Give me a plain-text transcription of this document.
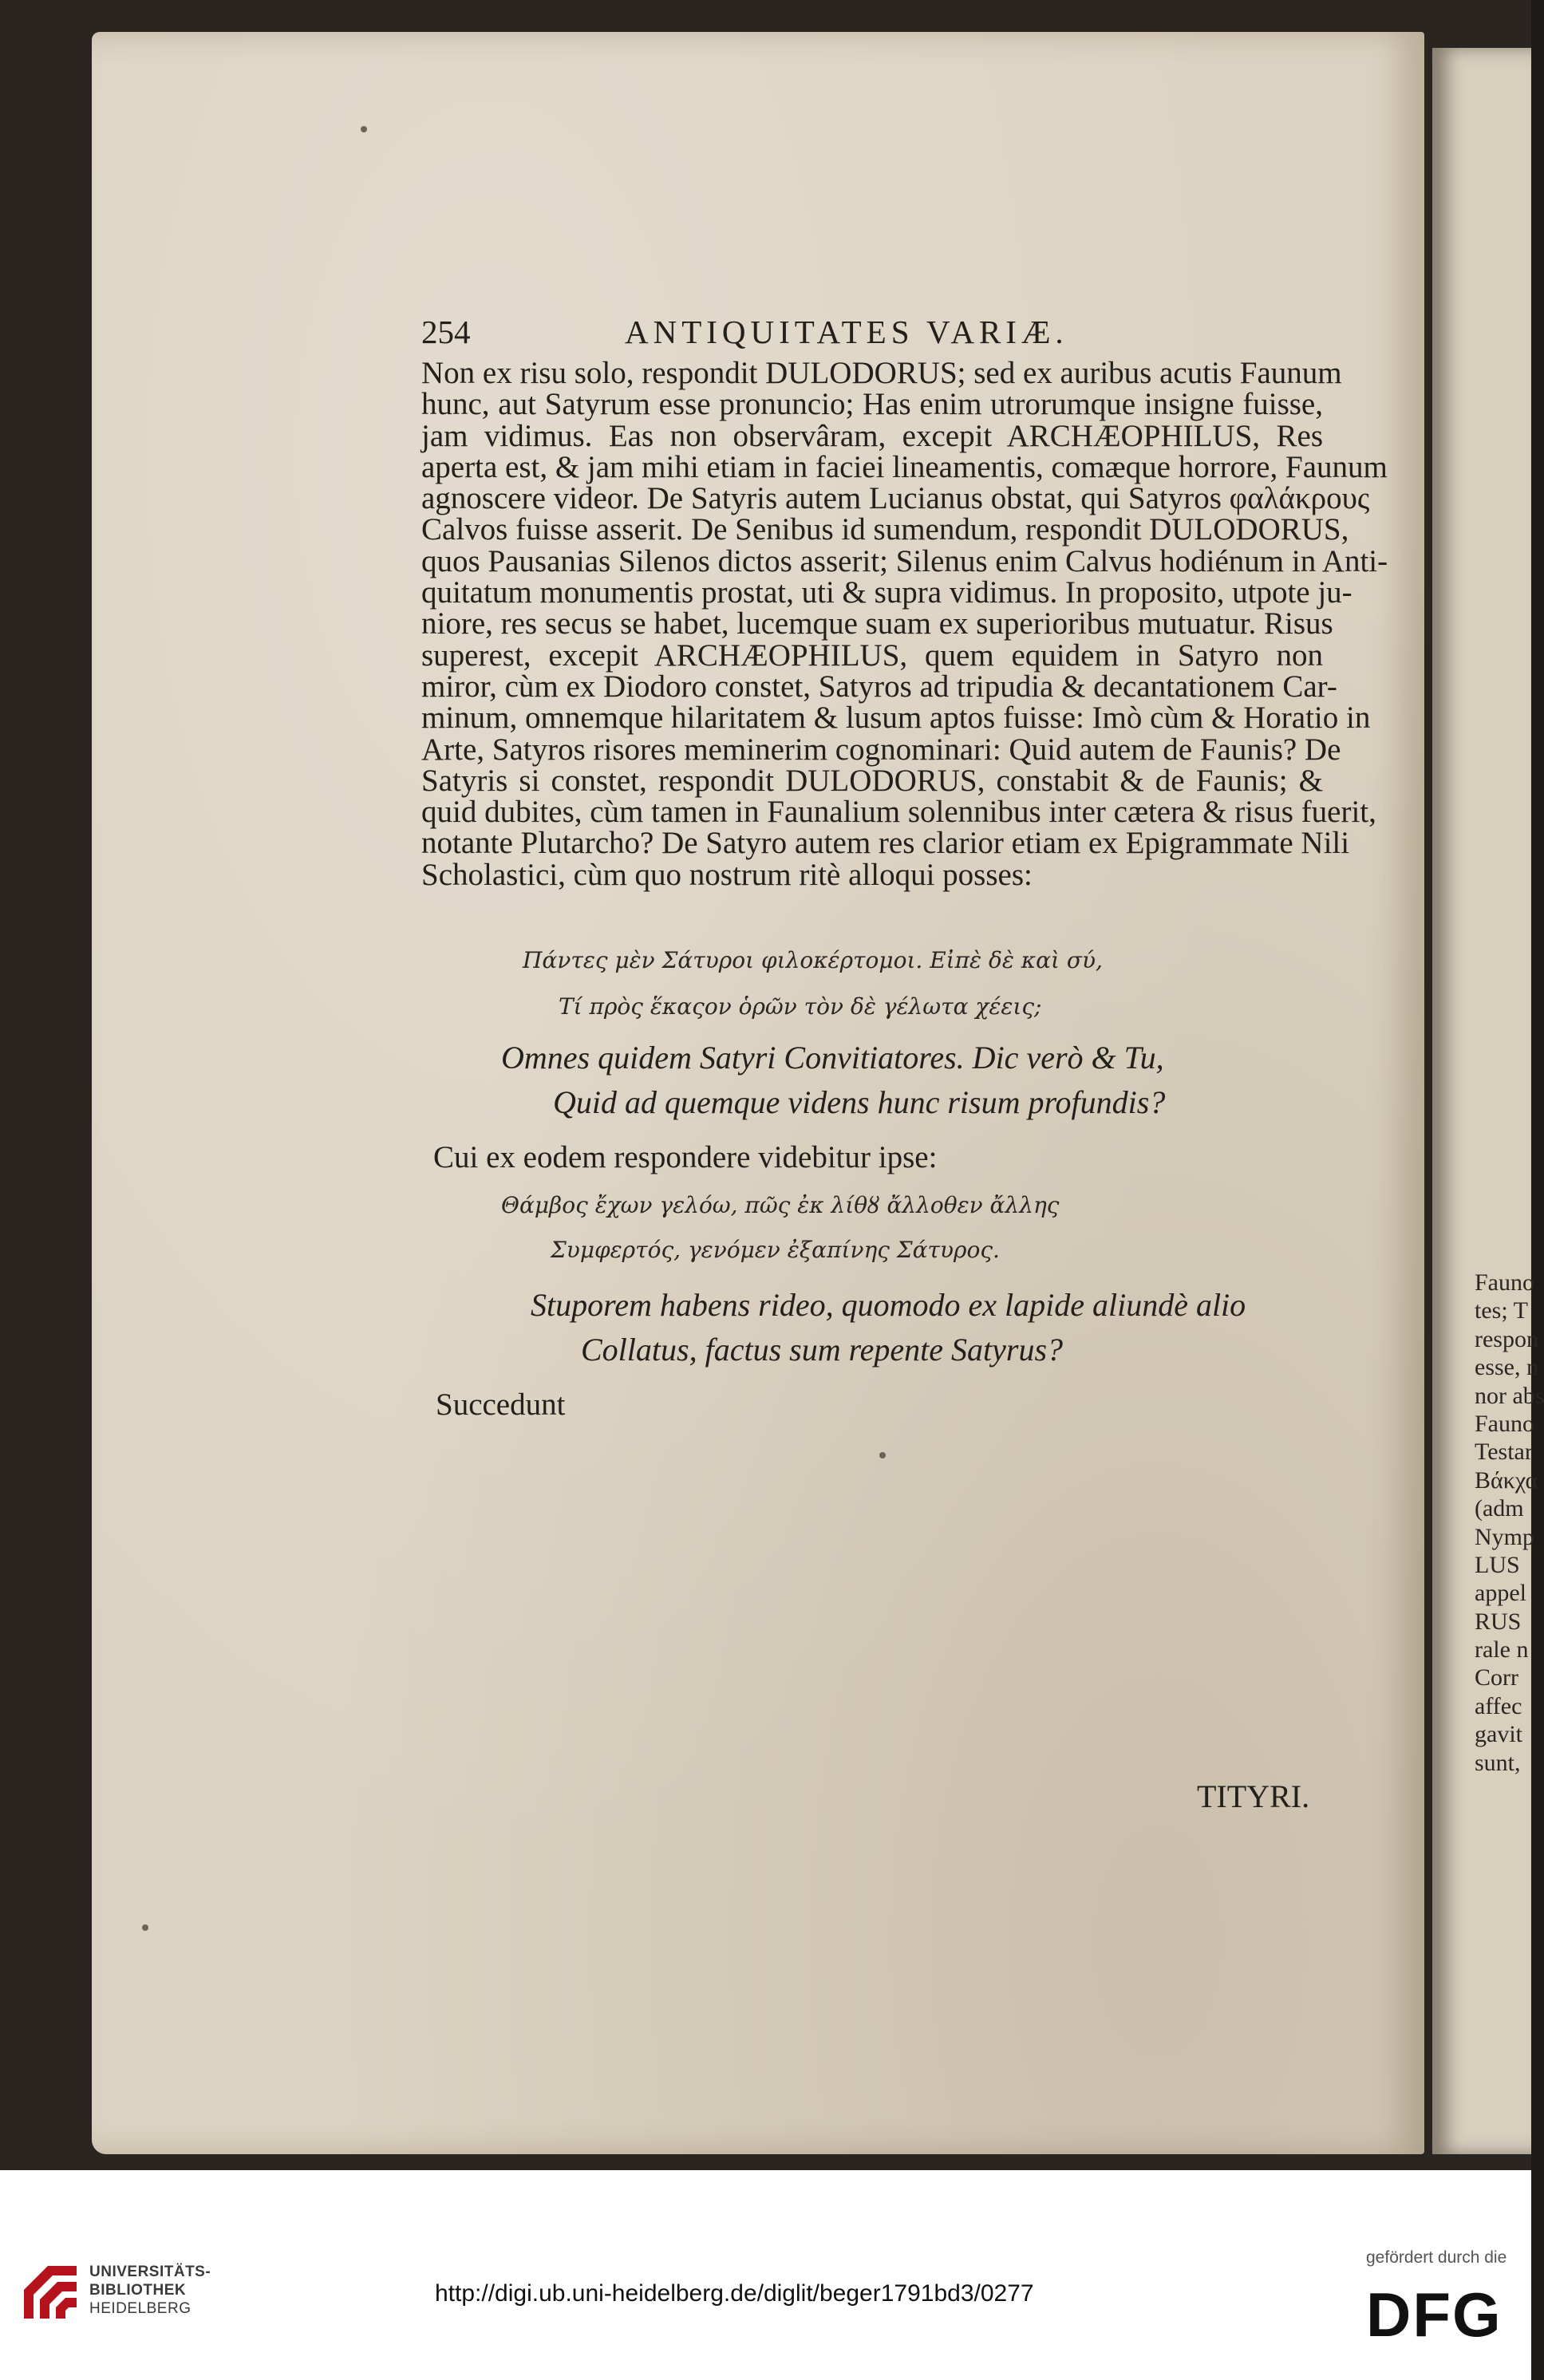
254	ANTIQUITATES VARIÆ.
Non ex risu solo, respondit DULODORUS; sed ex auribus acutis Faunum
hunc, aut Satyrum esse pronuncio; Has enim utrorumque insigne fuisse,
jam vidimus. Eas non observâram, excepit ARCHÆOPHILUS, Res
aperta est, & jam mihi etiam in faciei lineamentis, comæque horrore, Faunum
agnoscere videor. De Satyris autem Lucianus obstat, qui Satyros φαλάκρους
Calvos fuisse asserit. De Senibus id sumendum, respondit DULODORUS,
quos Pausanias Silenos dictos asserit; Silenus enim Calvus hodiénum in Anti-
quitatum monumentis prostat, uti & supra vidimus. In proposito, utpote ju-
niore, res secus se habet, lucemque suam ex superioribus mutuatur. Risus
superest, excepit ARCHÆOPHILUS, quem equidem in Satyro non
miror, cùm ex Diodoro constet, Satyros ad tripudia & decantationem Car-
minum, omnemque hilaritatem & lusum aptos fuisse: Imò cùm & Horatio in
Arte, Satyros risores meminerim cognominari: Quid autem de Faunis? De
Satyris si constet, respondit DULODORUS, constabit & de Faunis; &
quid dubites, cùm tamen in Faunalium solennibus inter cætera & risus fuerit,
notante Plutarcho? De Satyro autem res clarior etiam ex Epigrammate Nili
Scholastici, cùm quo nostrum ritè alloqui posses:
Πάντες μὲν Σάτυροι φιλοκέρτομοι. Εἰπὲ δὲ καὶ σύ,
Τί πρὸς ἕκαςον ὁρῶν τὸν δὲ γέλωτα χέεις;
Omnes quidem Satyri Convitiatores. Dic verò & Tu,
Quid ad quemque videns hunc risum profundis?
Cui ex eodem respondere videbitur ipse:
Θάμβος ἔχων γελόω, πῶς ἐκ λίθȣ ἄλλοθεν ἄλλης
Συμφερτός, γενόμεν ἐξαπίνης Σάτυρος.
Stuporem habens rideo, quomodo ex lapide aliundè alio
Collatus, factus sum repente Satyrus?
Succedunt
TITYRI.
Fauno
tes; T
respon
esse, n
nor abs
Fauno
Testar
Βάκχα
(adm
Nymp
LUS
appel
RUS
rale n
Corr
affec
gavit
sunt,
UNIVERSITÄTS-
BIBLIOTHEK
HEIDELBERG
http://digi.ub.uni-heidelberg.de/diglit/beger1791bd3/0277
gefördert durch die
DFG
